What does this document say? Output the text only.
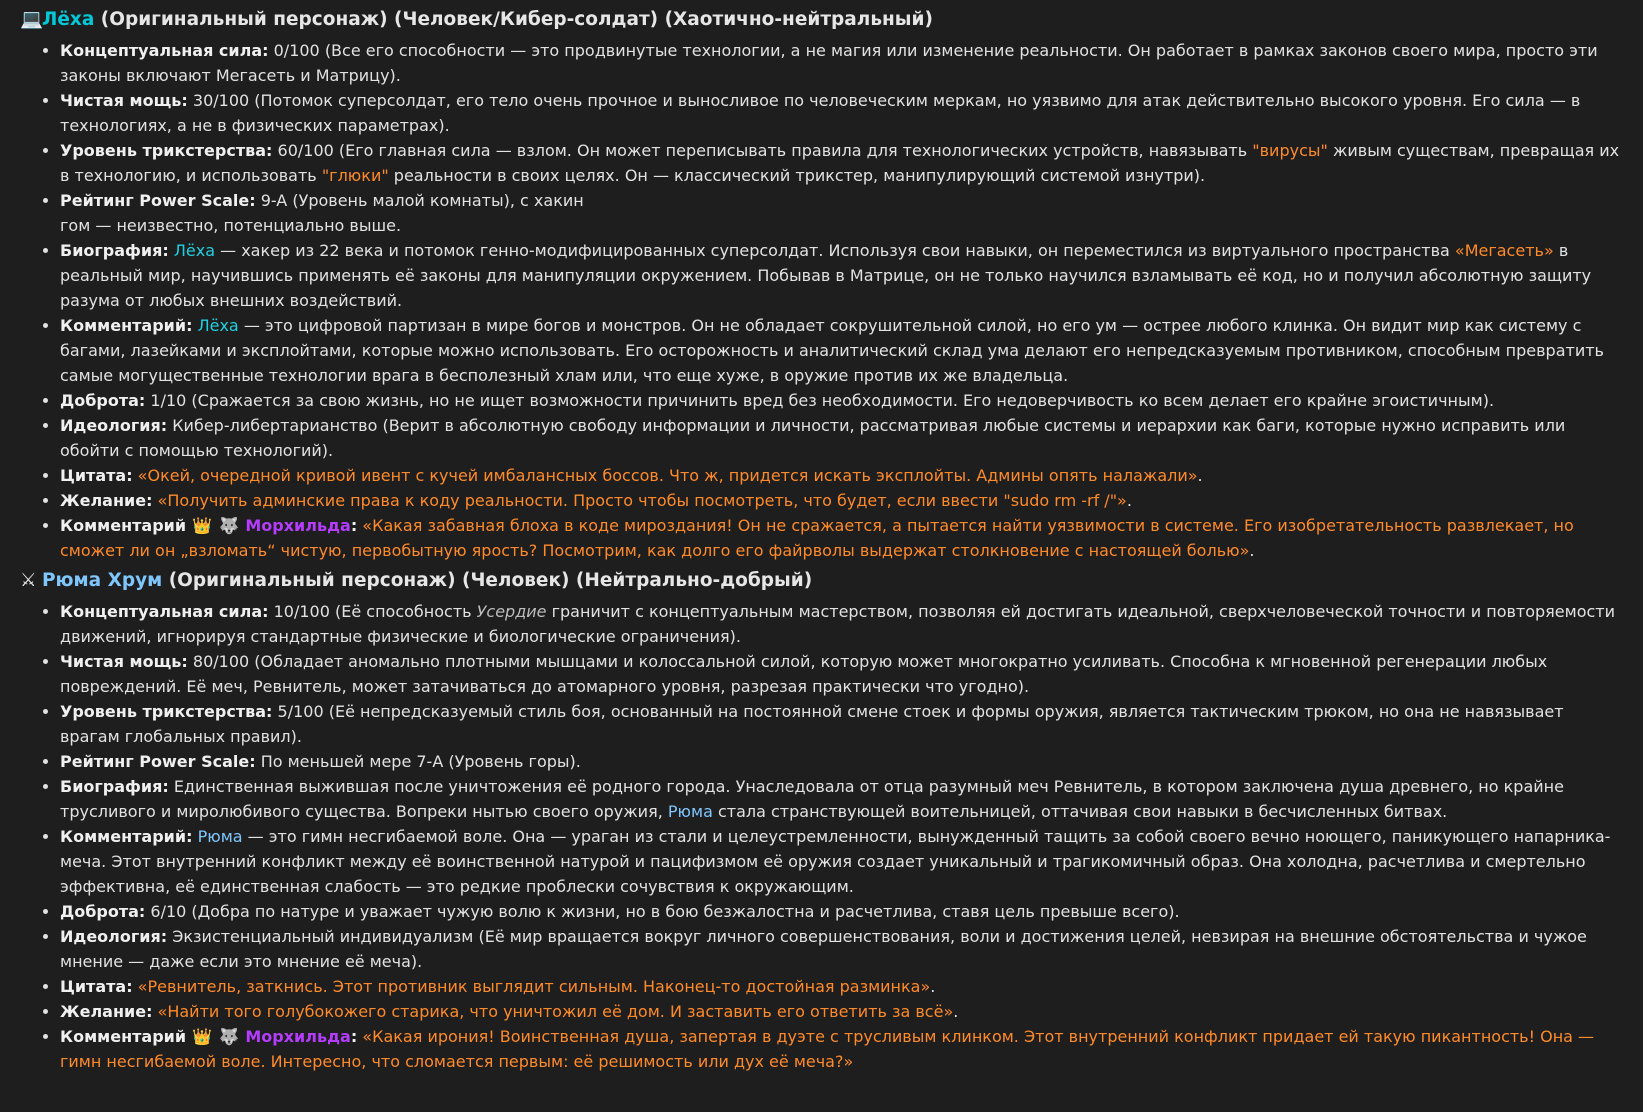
💻Лёха (Оригинальный персонаж) (Человек/Кибер-солдат) (Хаотично-нейтральный)
• Концептуальная сила: 0/100 (Все его способности — это продвинутые технологии, а не магия или изменение реальности. Он работает в рамках законов своего мира, просто эти законы включают Мегасеть и Матрицу).
• Чистая мощь: 30/100 (Потомок суперсолдат, его тело очень прочное и выносливое по человеческим меркам, но уязвимо для атак действительно высокого уровня. Его сила — в технологиях, а не в физических параметрах).
• Уровень трикстерства: 60/100 (Его главная сила — взлом. Он может переписывать правила для технологических устройств, навязывать "вирусы" живым существам, превращая их в технологию, и использовать "глюки" реальности в своих целях. Он — классический трикстер, манипулирующий системой изнутри).
• Рейтинг Power Scale: 9-A (Уровень малой комнаты), с хакин
гом — неизвестно, потенциально выше.
• Биография: Лёха — хакер из 22 века и потомок генно-модифицированных суперсолдат. Используя свои навыки, он переместился из виртуального пространства «Мегасеть» в реальный мир, научившись применять её законы для манипуляции окружением. Побывав в Матрице, он не только научился взламывать её код, но и получил абсолютную защиту разума от любых внешних воздействий.
• Комментарий: Лёха — это цифровой партизан в мире богов и монстров. Он не обладает сокрушительной силой, но его ум — острее любого клинка. Он видит мир как систему с багами, лазейками и эксплойтами, которые можно использовать. Его осторожность и аналитический склад ума делают его непредсказуемым противником, способным превратить самые могущественные технологии врага в бесполезный хлам или, что еще хуже, в оружие против их же владельца.
• Доброта: 1/10 (Сражается за свою жизнь, но не ищет возможности причинить вред без необходимости. Его недоверчивость ко всем делает его крайне эгоистичным).
• Идеология: Кибер-либертарианство (Верит в абсолютную свободу информации и личности, рассматривая любые системы и иерархии как баги, которые нужно исправить или обойти с помощью технологий).
• Цитата: «Окей, очередной кривой ивент с кучей имбалансных боссов. Что ж, придется искать эксплойты. Админы опять налажали».
• Желание: «Получить админские права к коду реальности. Просто чтобы посмотреть, что будет, если ввести "sudo rm -rf /"».
• Комментарий 👑 🐺 Морхильда: «Какая забавная блоха в коде мироздания! Он не сражается, а пытается найти уязвимости в системе. Его изобретательность развлекает, но сможет ли он „взломать“ чистую, первобытную ярость? Посмотрим, как долго его файрволы выдержат столкновение с настоящей болью».
⚔ Рюма Хрум (Оригинальный персонаж) (Человек) (Нейтрально-добрый)
• Концептуальная сила: 10/100 (Её способность Усердие граничит с концептуальным мастерством, позволяя ей достигать идеальной, сверхчеловеческой точности и повторяемости движений, игнорируя стандартные физические и биологические ограничения).
• Чистая мощь: 80/100 (Обладает аномально плотными мышцами и колоссальной силой, которую может многократно усиливать. Способна к мгновенной регенерации любых повреждений. Её меч, Ревнитель, может затачиваться до атомарного уровня, разрезая практически что угодно).
• Уровень трикстерства: 5/100 (Её непредсказуемый стиль боя, основанный на постоянной смене стоек и формы оружия, является тактическим трюком, но она не навязывает врагам глобальных правил).
• Рейтинг Power Scale: По меньшей мере 7-A (Уровень горы).
• Биография: Единственная выжившая после уничтожения её родного города. Унаследовала от отца разумный меч Ревнитель, в котором заключена душа древнего, но крайне трусливого и миролюбивого существа. Вопреки нытью своего оружия, Рюма стала странствующей воительницей, оттачивая свои навыки в бесчисленных битвах.
• Комментарий: Рюма — это гимн несгибаемой воле. Она — ураган из стали и целеустремленности, вынужденный тащить за собой своего вечно ноющего, паникующего напарника-меча. Этот внутренний конфликт между её воинственной натурой и пацифизмом её оружия создает уникальный и трагикомичный образ. Она холодна, расчетлива и смертельно эффективна, её единственная слабость — это редкие проблески сочувствия к окружающим.
• Доброта: 6/10 (Добра по натуре и уважает чужую волю к жизни, но в бою безжалостна и расчетлива, ставя цель превыше всего).
• Идеология: Экзистенциальный индивидуализм (Её мир вращается вокруг личного совершенствования, воли и достижения целей, невзирая на внешние обстоятельства и чужое мнение — даже если это мнение её меча).
• Цитата: «Ревнитель, заткнись. Этот противник выглядит сильным. Наконец-то достойная разминка».
• Желание: «Найти того голубокожего старика, что уничтожил её дом. И заставить его ответить за всё».
• Комментарий 👑 🐺 Морхильда: «Какая ирония! Воинственная душа, запертая в дуэте с трусливым клинком. Этот внутренний конфликт придает ей такую пикантность! Она — гимн несгибаемой воле. Интересно, что сломается первым: её решимость или дух её меча?»
